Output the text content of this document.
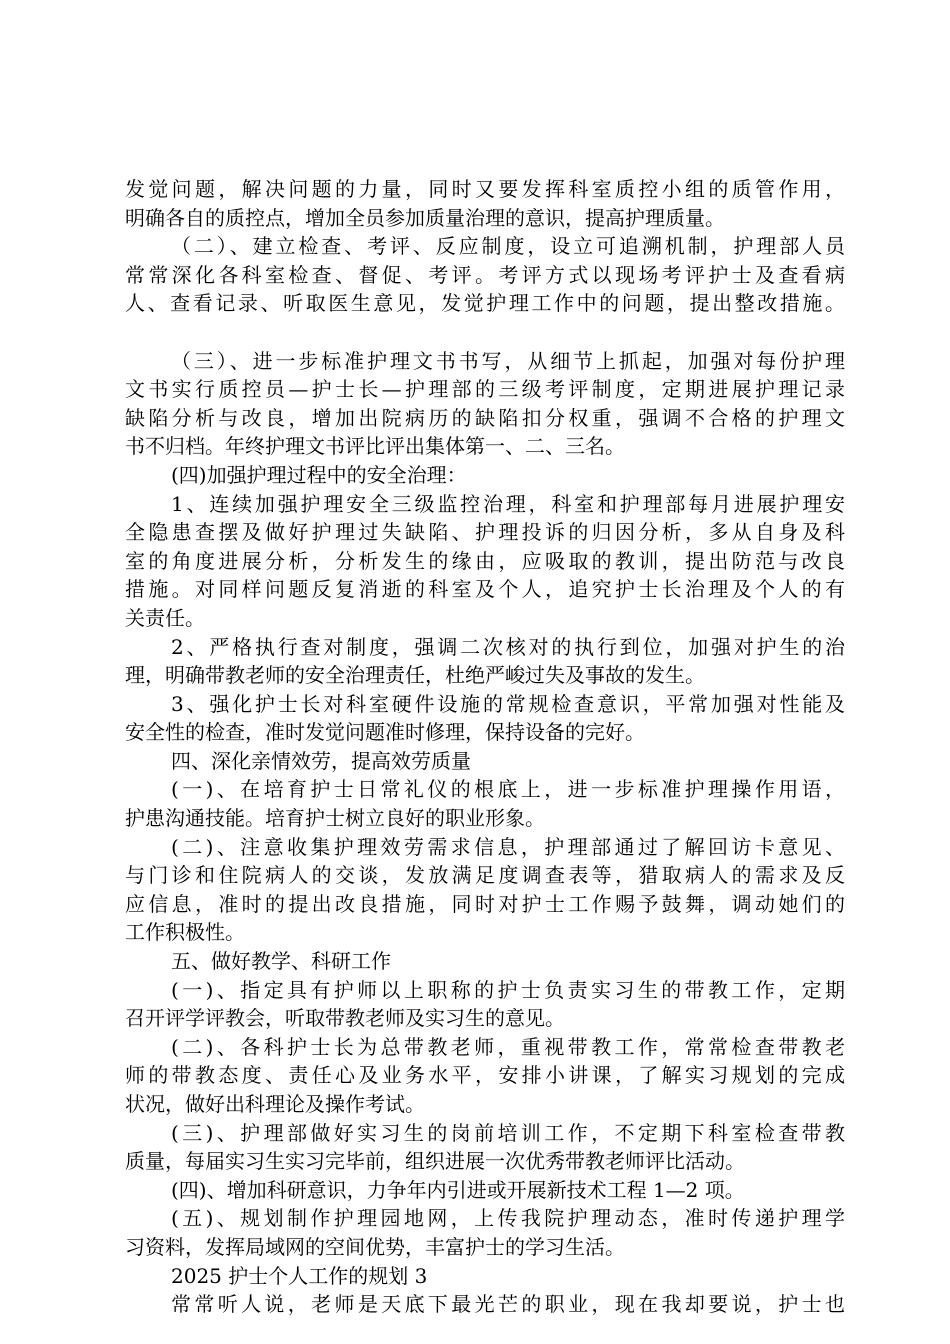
发觉问题，解决问题的力量，同时又要发挥科室质控小组的质管作用，
明确各自的质控点，增加全员参加质量治理的意识，提高护理质量。
（二）、建立检查、考评、反应制度，设立可追溯机制，护理部人员
常常深化各科室检查、督促、考评。考评方式以现场考评护士及查看病
人、查看记录、听取医生意见，发觉护理工作中的问题，提出整改措施。
（三）、进一步标准护理文书书写，从细节上抓起，加强对每份护理
文书实行质控员—护士长—护理部的三级考评制度，定期进展护理记录
缺陷分析与改良，增加出院病历的缺陷扣分权重，强调不合格的护理文
书不归档。年终护理文书评比评出集体第一、二、三名。
(四)加强护理过程中的安全治理：
1、连续加强护理安全三级监控治理，科室和护理部每月进展护理安
全隐患查摆及做好护理过失缺陷、护理投诉的归因分析，多从自身及科
室的角度进展分析，分析发生的缘由，应吸取的教训，提出防范与改良
措施。对同样问题反复消逝的科室及个人，追究护士长治理及个人的有
关责任。
2、严格执行查对制度，强调二次核对的执行到位，加强对护生的治
理，明确带教老师的安全治理责任，杜绝严峻过失及事故的发生。
3、强化护士长对科室硬件设施的常规检查意识，平常加强对性能及
安全性的检查，准时发觉问题准时修理，保持设备的完好。
四、深化亲情效劳，提高效劳质量
(一)、在培育护士日常礼仪的根底上，进一步标准护理操作用语，
护患沟通技能。培育护士树立良好的职业形象。
(二)、注意收集护理效劳需求信息，护理部通过了解回访卡意见、
与门诊和住院病人的交谈，发放满足度调查表等，猎取病人的需求及反
应信息，准时的提出改良措施，同时对护士工作赐予鼓舞，调动她们的
工作积极性。
五、做好教学、科研工作
(一)、指定具有护师以上职称的护士负责实习生的带教工作，定期
召开评学评教会，听取带教老师及实习生的意见。
(二)、各科护士长为总带教老师，重视带教工作，常常检查带教老
师的带教态度、责任心及业务水平，安排小讲课，了解实习规划的完成
状况，做好出科理论及操作考试。
(三)、护理部做好实习生的岗前培训工作，不定期下科室检查带教
质量，每届实习生实习完毕前，组织进展一次优秀带教老师评比活动。
(四)、增加科研意识，力争年内引进或开展新技术工程 1—2 项。
(五)、规划制作护理园地网，上传我院护理动态，准时传递护理学
习资料，发挥局域网的空间优势，丰富护士的学习生活。
2025 护士个人工作的规划 3
常常听人说，老师是天底下最光芒的职业，现在我却要说，护士也
